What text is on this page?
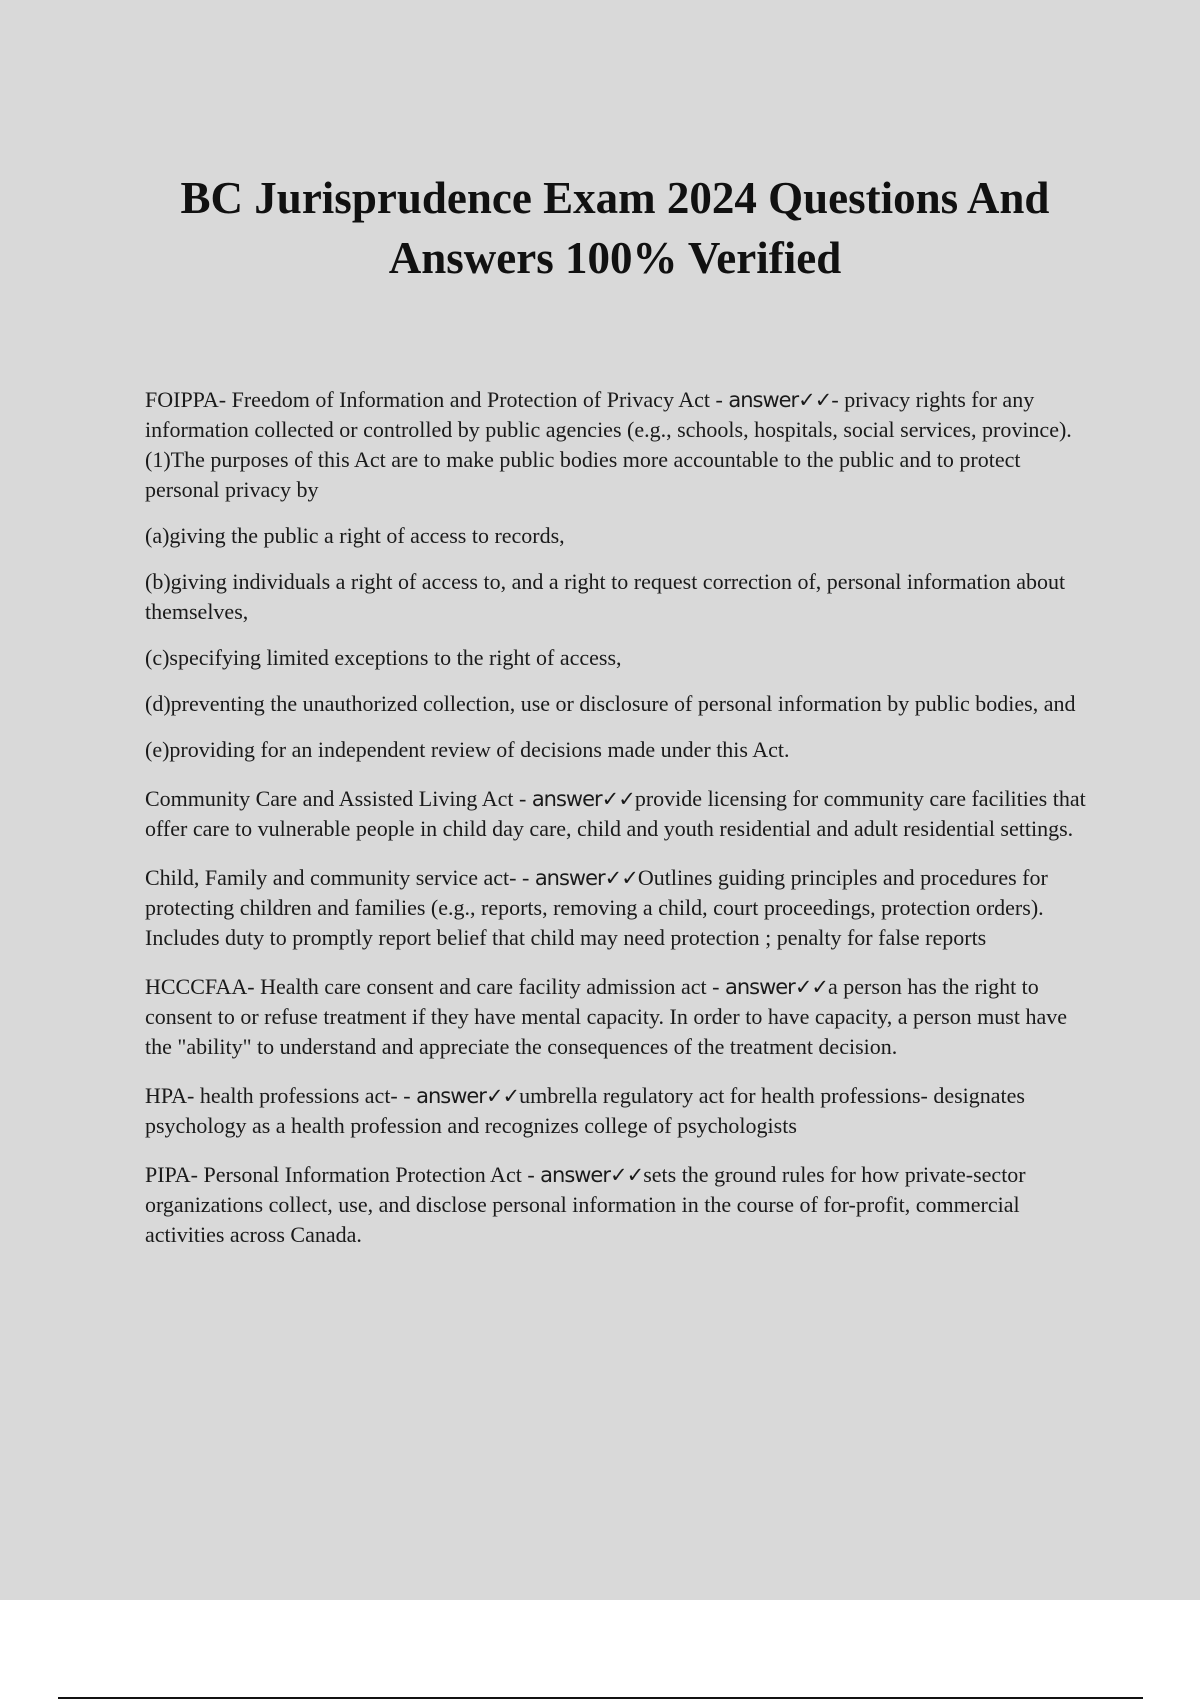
BC Jurisprudence Exam 2024 Questions And Answers 100% Verified

FOIPPA- Freedom of Information and Protection of Privacy Act - answer✓✓- privacy rights for any information collected or controlled by public agencies (e.g., schools, hospitals, social services, province). (1)The purposes of this Act are to make public bodies more accountable to the public and to protect personal privacy by

(a)giving the public a right of access to records,

(b)giving individuals a right of access to, and a right to request correction of, personal information about themselves,

(c)specifying limited exceptions to the right of access,

(d)preventing the unauthorized collection, use or disclosure of personal information by public bodies, and

(e)providing for an independent review of decisions made under this Act.

Community Care and Assisted Living Act - answer✓✓provide licensing for community care facilities that offer care to vulnerable people in child day care, child and youth residential and adult residential settings.

Child, Family and community service act- - answer✓✓Outlines guiding principles and procedures for protecting children and families (e.g., reports, removing a child, court proceedings, protection orders). Includes duty to promptly report belief that child may need protection ; penalty for false reports

HCCCFAA- Health care consent and care facility admission act - answer✓✓a person has the right to consent to or refuse treatment if they have mental capacity. In order to have capacity, a person must have the "ability" to understand and appreciate the consequences of the treatment decision.

HPA- health professions act- - answer✓✓umbrella regulatory act for health professions- designates psychology as a health profession and recognizes college of psychologists

PIPA- Personal Information Protection Act - answer✓✓sets the ground rules for how private-sector organizations collect, use, and disclose personal information in the course of for-profit, commercial activities across Canada.
